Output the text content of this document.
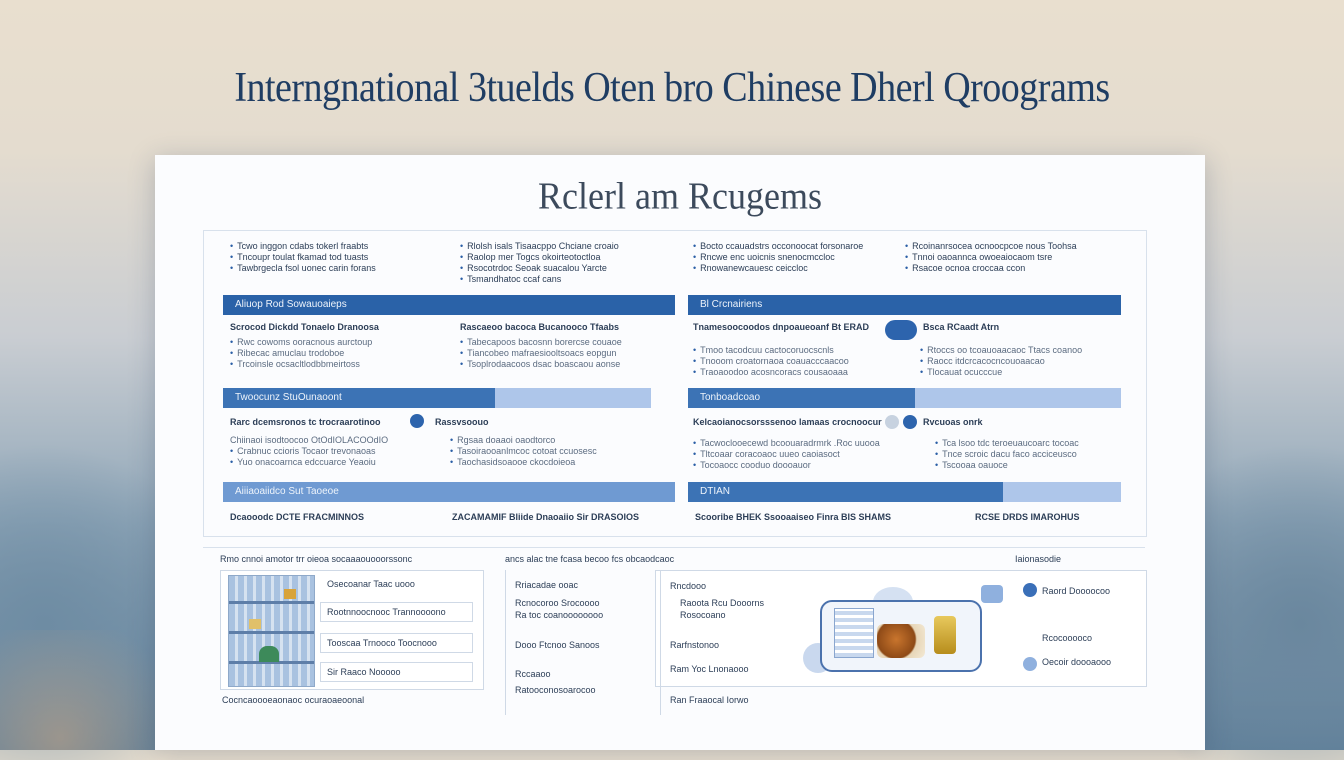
Interngnational 3tuelds Oten bro Chinese Dherl Qroograms
Rclerl am Rcugems
• Tcwo inggon cdabs tokerl fraabts
• Tncoupr toulat fkamad tod tuasts
• Tawbrgecla fsol uonec carin forans
• Rlolsh isals Tisaacppo Chciane croaio
• Raolop mer Togcs okoirteotoctloa
• Rsocotrdoc Seoak suacalou Yarcte
• Tsmandhatoc ccaf cans
Aliuop Rod Sowauoaieps
Scrocod Dickdd Tonaelo Dranoosa	Rascaeoo bacoca Bucanooco Tfaabs
• Rwc cowoms ooracnous aurctoup
• Ribecac amuclau trodoboe
• Trcoinsle ocsacltlodbbmeirtoss
• Tabecapoos bacosnn borercse couaoe
• Tiancobeo mafraesiooltsoacs eopgun
• Tsoplrodaacoos dsac boascaou aonse
Twoocunz StuOunaoont
Rarc dcemsronos tc trocraarotinoo	Rassvsoouo
Chiinaoi isodtoocoo OtOdIOLACOOdIO
• Crabnuc ccioris Tocaor trevonaoas
• Yuo onacoarnca edccuarce Yeaoiu
• Rgsaa doaaoi oaodtorco
• Tasoiraooanlmcoc cotoat ccuosesc
• Taochasidsoaooe ckocdoieoa
Aiiiaoaiidco Sut Taoeoe
Dcaooodc DCTE FRACMINNOS	ZACAMAMIF Bliide Dnaoaiio Sir DRASOIOS
• Bocto ccauadstrs occonoocat forsonaroe
• Rncwe enc uoicnis snenocmccloc
• Rnowanewcauesc ceiccloc
• Rcoinanrsocea ocnoocpcoe nous Toohsa
• Tnnoi oaoannca owoeaiocaom tsre
• Rsacoe ocnoa croccaa ccon
Bl Crcnairiens
Tnamesoocoodos dnpoaueoanf Bt ERAD	Bsca RCaadt Atrn
• Tmoo tacodcuu cactocoruocscnls
• Tnooom croatornaoa coauacccaacoo
• Traoaoodoo acosncoracs cousaoaaa
• Rtoccs oo tcoauoaacaoc Ttacs coanoo
• Raocc itdcrcacocncouoaacao
• Tlocauat ocucccue
Tonboadcoao
Kelcaoianocsorsssenoo lamaas crocnoocur	Rvcuoas onrk
• Tacwoclooecewd bcoouaradrmrk .Roc uuooa
• Tltcoaar coracoaoc uueo caoiasoct
• Tocoaocc cooduo doooauor
• Tca lsoo tdc teroeuaucoarc tocoac
• Tnce scroic dacu faco acciceusco
• Tscooaa oauoce
DTIAN
Scooribe BHEK Ssooaaiseo Finra BIS SHAMS	RCSE DRDS IMAROHUS
Rmo cnnoi amotor trr oieoa socaaaouooorssonc	ancs alac tne fcasa becoo fcs obcaodcaoc	Iaionasodie
Osecoanar Taac uooo
Rootnnoocnooc Trannoooono
Tooscaa Trnooco Toocnooo
Sir Raaco Nooooo
Cocncaoooeaonaoc ocuraoaeoonal
Rriacadae ooac
Rcnocoroo Srocoooo
Ra toc coanoooooooo
Dooo Ftcnoo Sanoos
Rccaaoo
Ratooconosoarocoo
Rncdooo
Raoota Rcu Dooorns
Rosocoano
Rarfnstonoo
Ram Yoc Lnonaooo
Ran Fraaocal Iorwo
Raord Doooocoo
Rcocooooco
Oecoir doooaooo
